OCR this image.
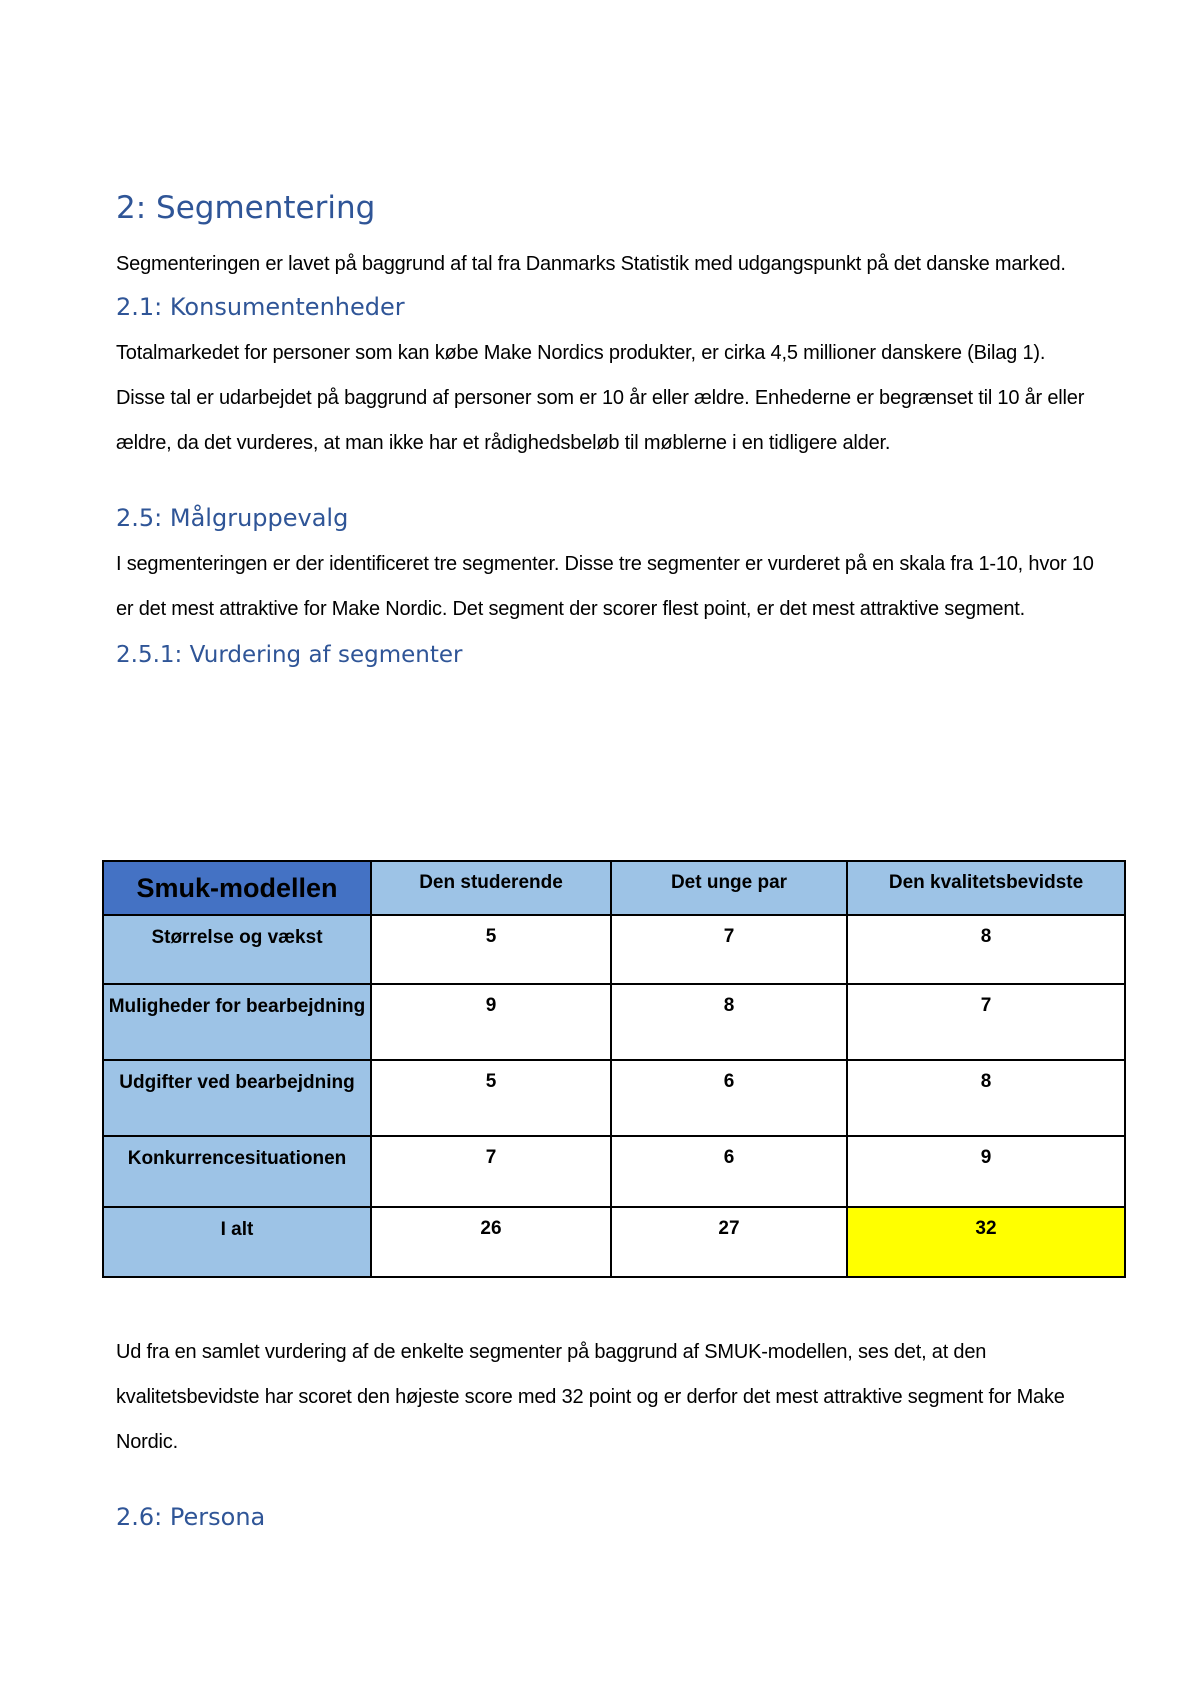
2: Segmentering

Segmenteringen er lavet på baggrund af tal fra Danmarks Statistik med udgangspunkt på det danske marked.

2.1: Konsumentenheder

Totalmarkedet for personer som kan købe Make Nordics produkter, er cirka 4,5 millioner danskere (Bilag 1). Disse tal er udarbejdet på baggrund af personer som er 10 år eller ældre. Enhederne er begrænset til 10 år eller ældre, da det vurderes, at man ikke har et rådighedsbeløb til møblerne i en tidligere alder.

2.5: Målgruppevalg

I segmenteringen er der identificeret tre segmenter. Disse tre segmenter er vurderet på en skala fra 1-10, hvor 10 er det mest attraktive for Make Nordic. Det segment der scorer flest point, er det mest attraktive segment.

2.5.1: Vurdering af segmenter
Smuk-modellen	Den studerende	Det unge par	Den kvalitetsbevidste
Størrelse og vækst	5	7	8
Muligheder for bearbejdning	9	8	7
Udgifter ved bearbejdning	5	6	8
Konkurrencesituationen	7	6	9
I alt	26	27	32

Ud fra en samlet vurdering af de enkelte segmenter på baggrund af SMUK-modellen, ses det, at den kvalitetsbevidste har scoret den højeste score med 32 point og er derfor det mest attraktive segment for Make Nordic.

2.6: Persona
